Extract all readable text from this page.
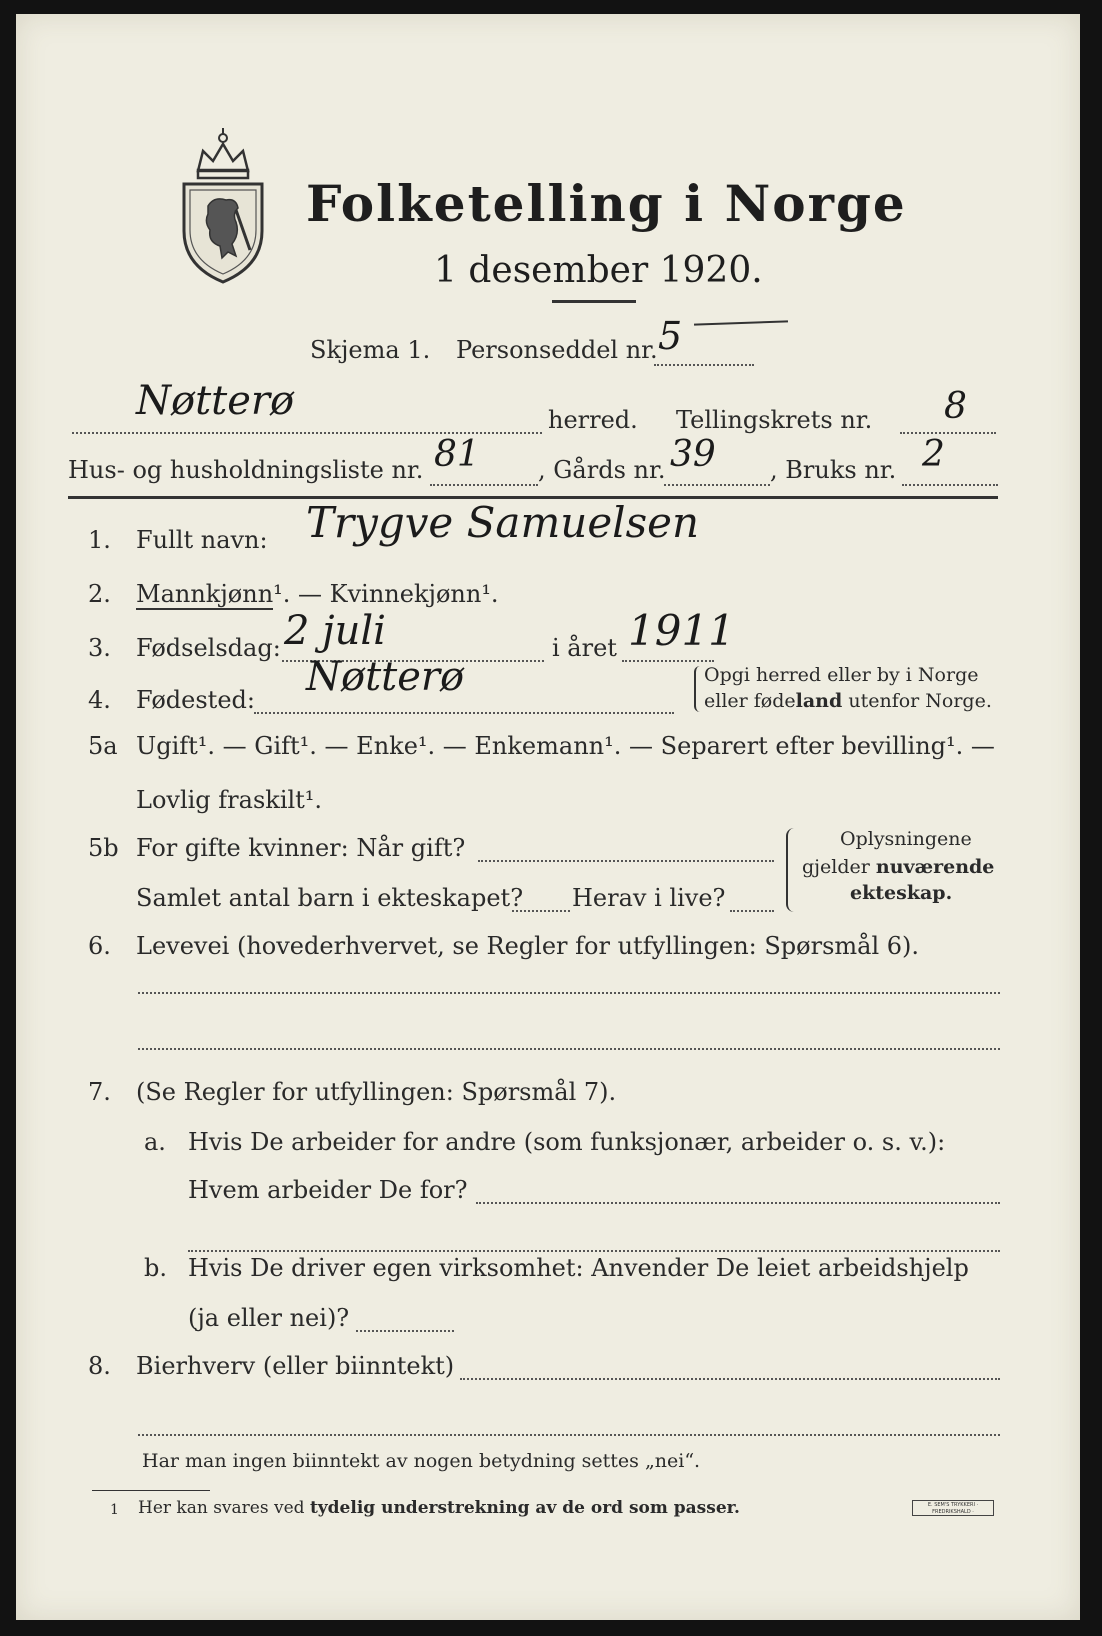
Folketelling i Norge
1 desember 1920.
Skjema 1. Personseddel nr. 5
Nøtterø	herred. Tellingskrets nr. 8
Hus- og husholdningsliste nr. 81 , Gårds nr. 39 , Bruks nr. 2
1. Fullt navn: Trygve Samuelsen
2. Mannkjønn¹. — Kvinnekjønn¹.
3. Fødselsdag: 2 juli	i året 1911
4. Fødested: Nøtterø	Opgi herred eller by i Norge
eller fødeland utenfor Norge.
5a Ugift¹. — Gift¹. — Enke¹. — Enkemann¹. — Separert efter bevilling¹. —
Lovlig fraskilt¹.
5b For gifte kvinner: Når gift?
Samlet antal barn i ekteskapet? Herav i live?
Oplysningene
gjelder nuværende
ekteskap.
6. Levevei (hovederhvervet, se Regler for utfyllingen: Spørsmål 6).
7. (Se Regler for utfyllingen: Spørsmål 7).
a. Hvis De arbeider for andre (som funksjonær, arbeider o. s. v.):
Hvem arbeider De for?
b. Hvis De driver egen virksomhet: Anvender De leiet arbeidshjelp
(ja eller nei)?
8. Bierhverv (eller biinntekt)
Har man ingen biinntekt av nogen betydning settes „nei“.
1 Her kan svares ved tydelig understrekning av de ord som passer.	E. SEM'S TRYKKERI · FREDRIKSHALD ·
